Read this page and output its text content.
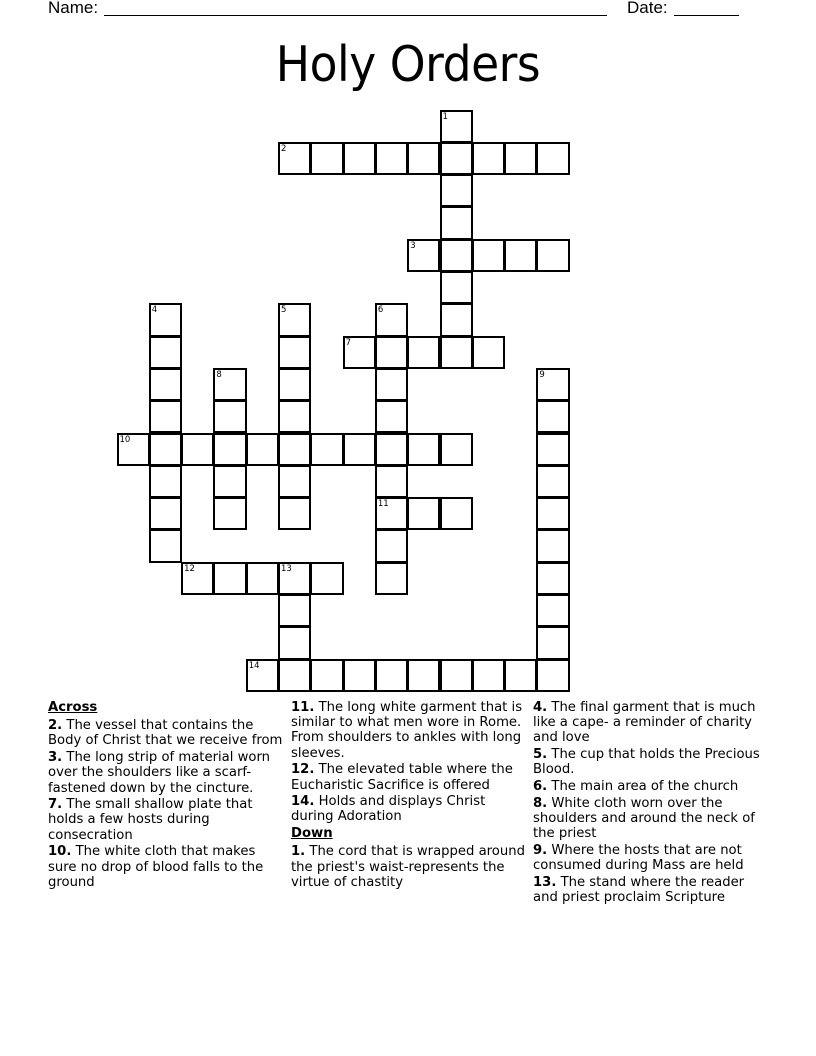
Name:	Date:
Holy Orders
1
2
3
4	5	6
11
7
8	9
10
12	13
14
Across
2. The vessel that contains the Body of Christ that we receive from
3. The long strip of material worn over the shoulders like a scarf-fastened down by the cincture.
7. The small shallow plate that holds a few hosts during consecration
10. The white cloth that makes sure no drop of blood falls to the ground
11. The long white garment that is similar to what men wore in Rome. From shoulders to ankles with long sleeves.
12. The elevated table where the Eucharistic Sacrifice is offered
14. Holds and displays Christ during Adoration
Down
1. The cord that is wrapped around the priest's waist-represents the virtue of chastity
4. The final garment that is much like a cape- a reminder of charity and love
5. The cup that holds the Precious Blood.
6. The main area of the church
8. White cloth worn over the shoulders and around the neck of the priest
9. Where the hosts that are not consumed during Mass are held
13. The stand where the reader and priest proclaim Scripture
